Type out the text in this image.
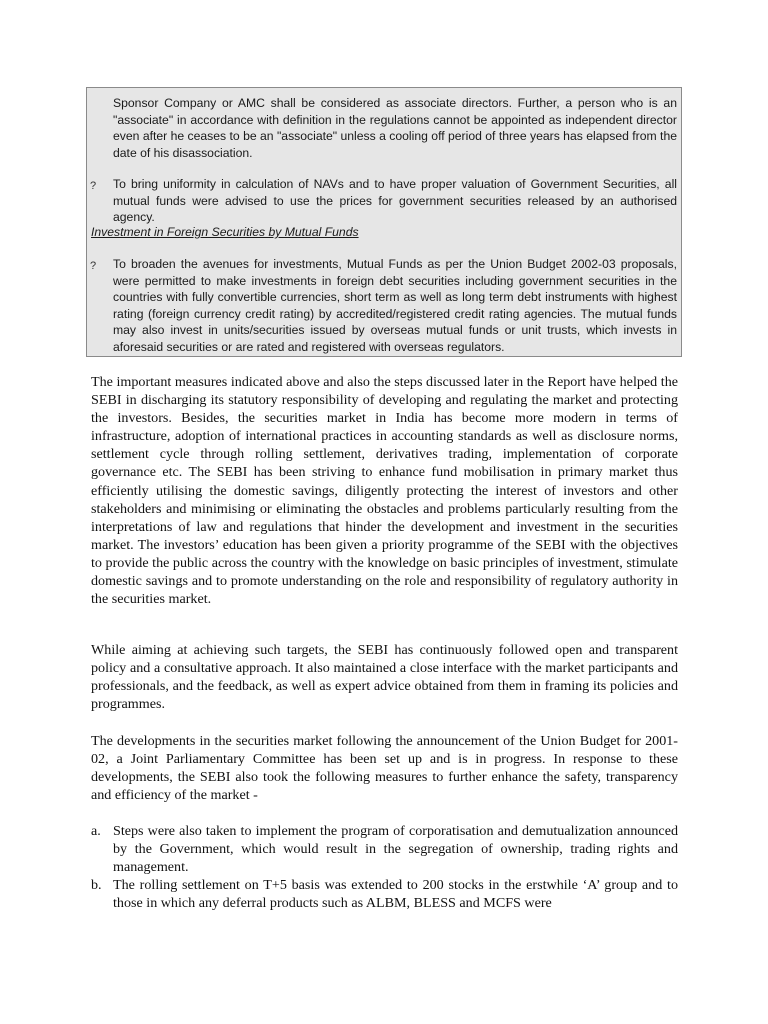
Sponsor Company or AMC shall be considered as associate directors. Further, a person who is an "associate" in accordance with definition in the regulations cannot be appointed as independent director even after he ceases to be an "associate" unless a cooling off period of three years has elapsed from the date of his disassociation.
? To bring uniformity in calculation of NAVs and to have proper valuation of Government Securities, all mutual funds were advised to use the prices for government securities released by an authorised agency.
Investment in Foreign Securities by Mutual Funds
? To broaden the avenues for investments, Mutual Funds as per the Union Budget 2002-03 proposals, were permitted to make investments in foreign debt securities including government securities in the countries with fully convertible currencies, short term as well as long term debt instruments with highest rating (foreign currency credit rating) by accredited/registered credit rating agencies. The mutual funds may also invest in units/securities issued by overseas mutual funds or unit trusts, which invests in aforesaid securities or are rated and registered with overseas regulators.

The important measures indicated above and also the steps discussed later in the Report have helped the SEBI in discharging its statutory responsibility of developing and regulating the market and protecting the investors. Besides, the securities market in India has become more modern in terms of infrastructure, adoption of international practices in accounting standards as well as disclosure norms, settlement cycle through rolling settlement, derivatives trading, implementation of corporate governance etc. The SEBI has been striving to enhance fund mobilisation in primary market thus efficiently utilising the domestic savings, diligently protecting the interest of investors and other stakeholders and minimising or eliminating the obstacles and problems particularly resulting from the interpretations of law and regulations that hinder the development and investment in the securities market. The investors’ education has been given a priority programme of the SEBI with the objectives to provide the public across the country with the knowledge on basic principles of investment, stimulate domestic savings and to promote understanding on the role and responsibility of regulatory authority in the securities market.

While aiming at achieving such targets, the SEBI has continuously followed open and transparent policy and a consultative approach. It also maintained a close interface with the market participants and professionals, and the feedback, as well as expert advice obtained from them in framing its policies and programmes.

The developments in the securities market following the announcement of the Union Budget for 2001-02, a Joint Parliamentary Committee has been set up and is in progress. In response to these developments, the SEBI also took the following measures to further enhance the safety, transparency and efficiency of the market -

a. Steps were also taken to implement the program of corporatisation and demutualization announced by the Government, which would result in the segregation of ownership, trading rights and management.
b. The rolling settlement on T+5 basis was extended to 200 stocks in the erstwhile ‘A’ group and to those in which any deferral products such as ALBM, BLESS and MCFS were
